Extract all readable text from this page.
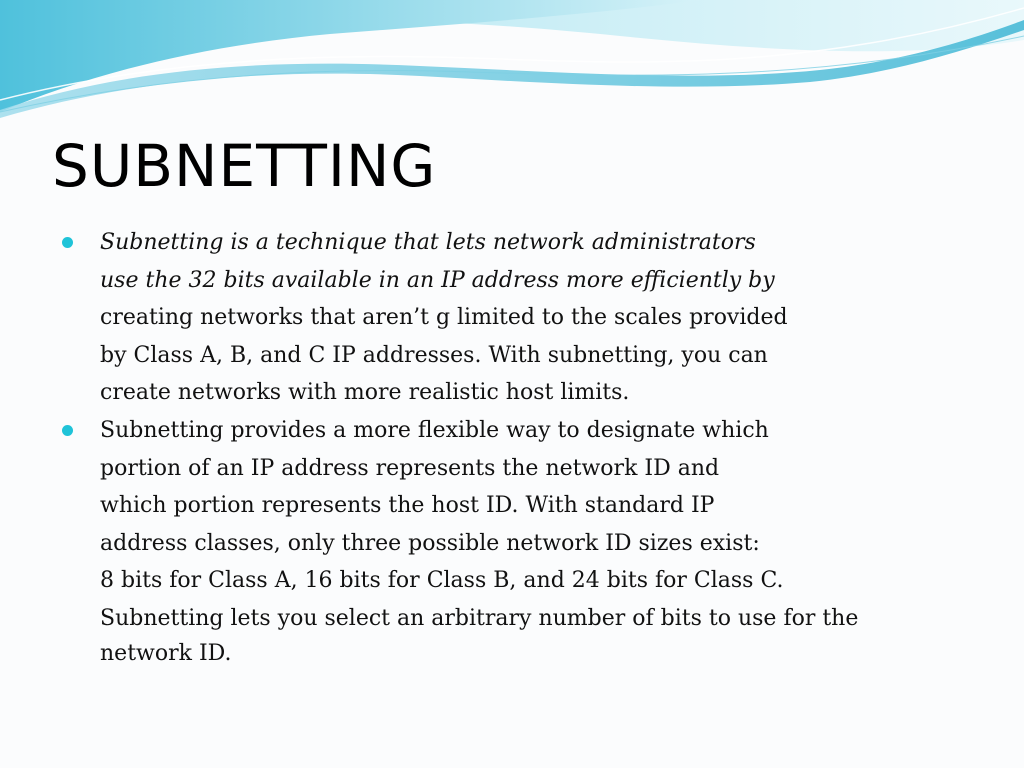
SUBNETTING
Subnetting is a technique that lets network administrators
use the 32 bits available in an IP address more efficiently by
creating networks that aren’t g limited to the scales provided
by Class A, B, and C IP addresses. With subnetting, you can
create networks with more realistic host limits.
Subnetting provides a more flexible way to designate which
portion of an IP address represents the network ID and
which portion represents the host ID. With standard IP
address classes, only three possible network ID sizes exist:
8 bits for Class A, 16 bits for Class B, and 24 bits for Class C.
Subnetting lets you select an arbitrary number of bits to use for the
network ID.
